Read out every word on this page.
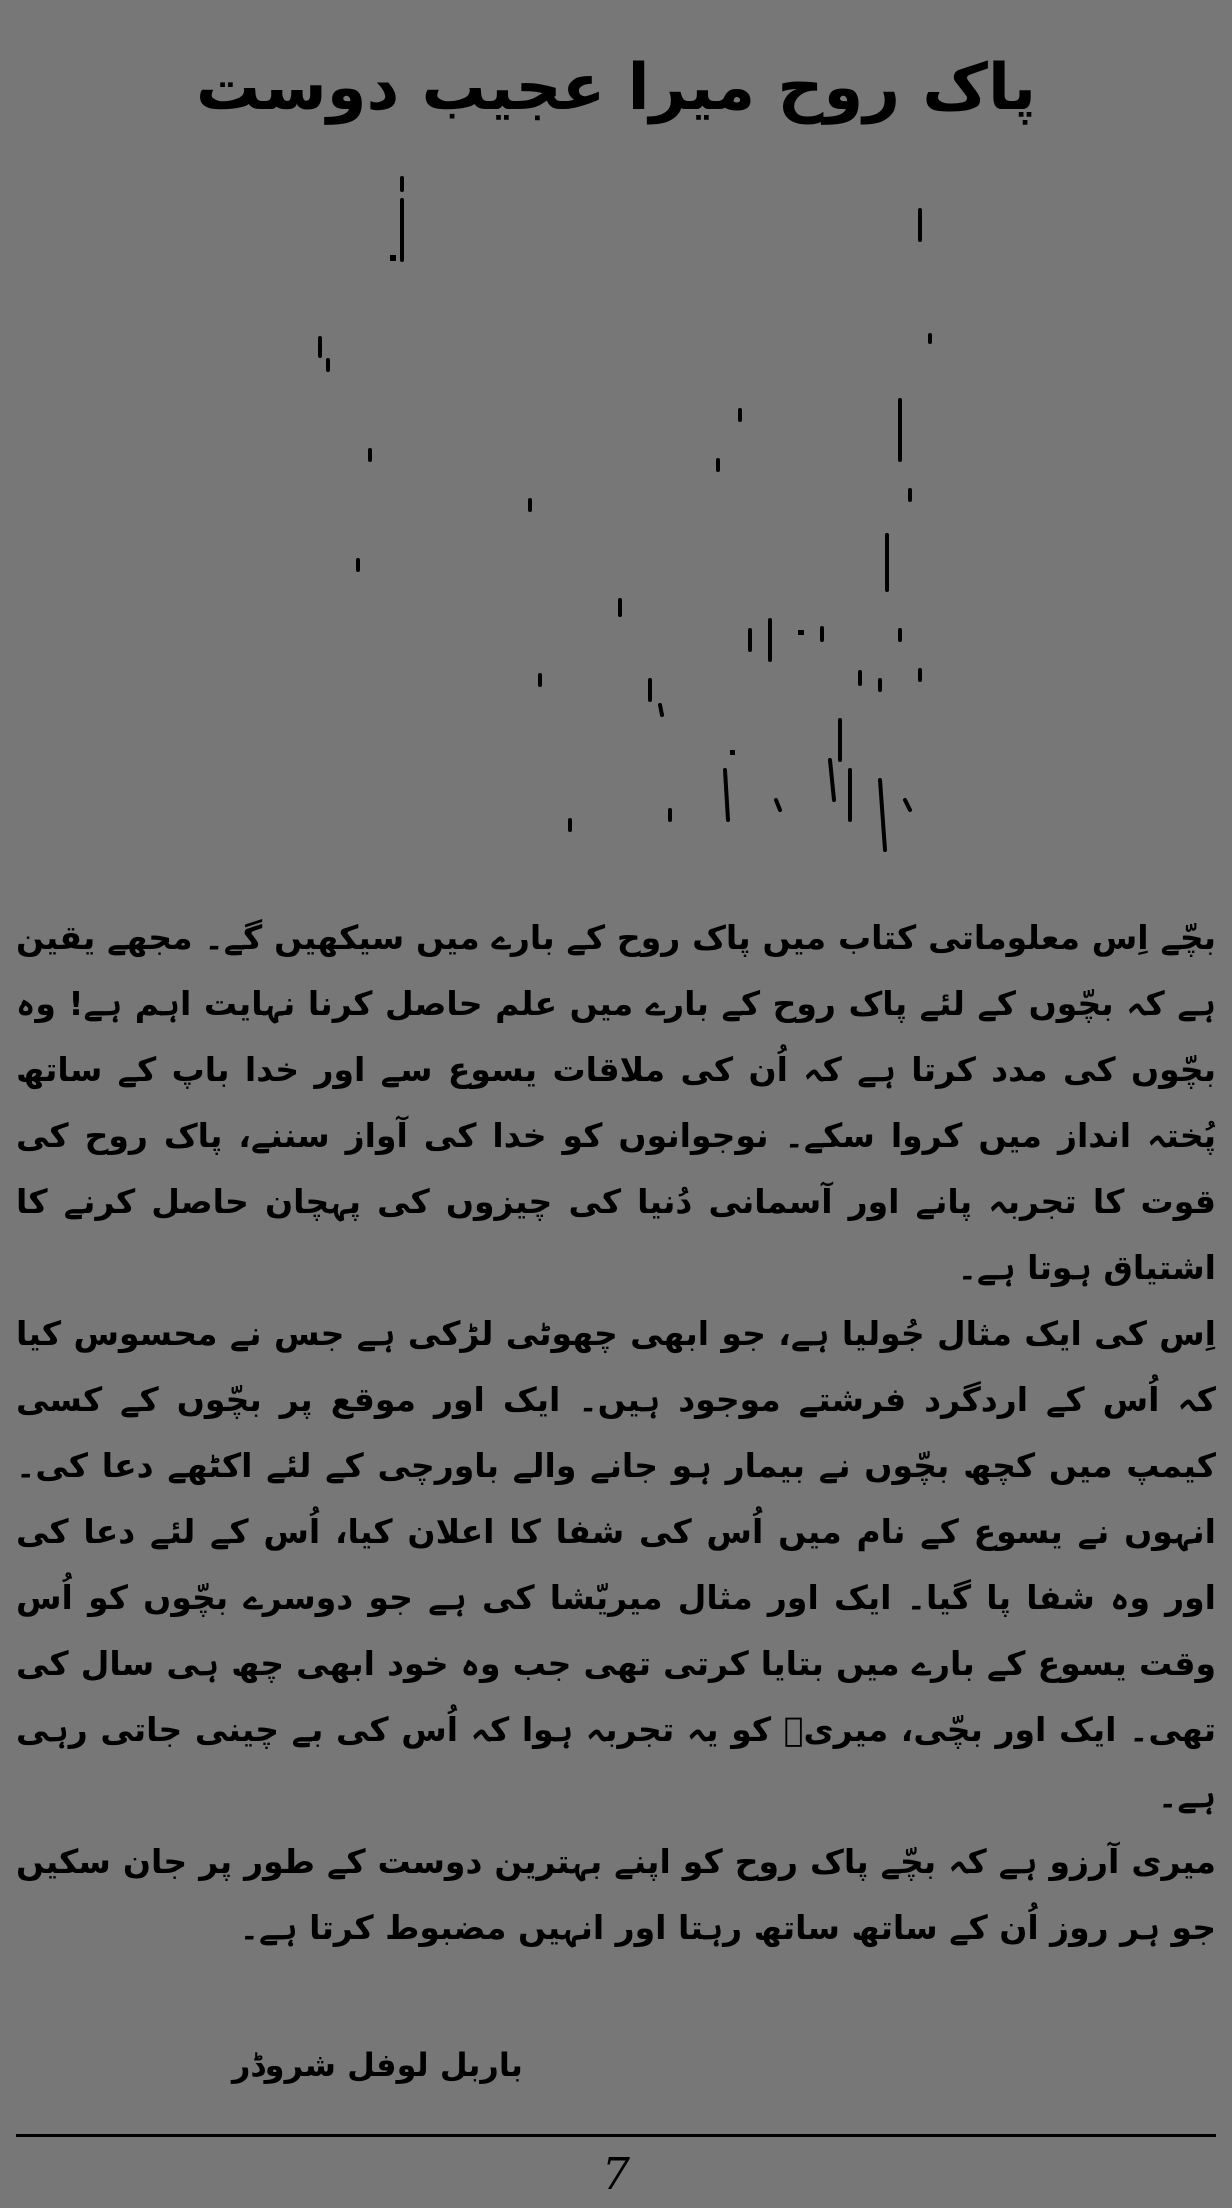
پاک روح میرا عجیب دوست

بچّے اِس معلوماتی کتاب میں پاک روح کے بارے میں سیکھیں گے۔ مجھے یقین ہے کہ بچّوں کے لئے پاک روح کے بارے میں علم حاصل کرنا نہایت اہم ہے! وہ بچّوں کی مدد کرتا ہے کہ اُن کی ملاقات یسوع سے اور خدا باپ کے ساتھ پُختہ انداز میں کروا سکے۔ نوجوانوں کو خدا کی آواز سننے، پاک روح کی قوت کا تجربہ پانے اور آسمانی دُنیا کی چیزوں کی پہچان حاصل کرنے کا اشتیاق ہوتا ہے۔

اِس کی ایک مثال جُولیا ہے، جو ابھی چھوٹی لڑکی ہے جس نے محسوس کیا کہ اُس کے اردگرد فرشتے موجود ہیں۔ ایک اور موقع پر بچّوں کے کسی کیمپ میں کچھ بچّوں نے بیمار ہو جانے والے باورچی کے لئے اکٹھے دعا کی۔ انہوں نے یسوع کے نام میں اُس کی شفا کا اعلان کیا، اُس کے لئے دعا کی اور وہ شفا پا گیا۔ ایک اور مثال میریّشا کی ہے جو دوسرے بچّوں کو اُس وقت یسوع کے بارے میں بتایا کرتی تھی جب وہ خود ابھی چھ ہی سال کی تھی۔ ایک اور بچّی، میریؔ کو یہ تجربہ ہوا کہ اُس کی بے چینی جاتی رہی ہے۔

میری آرزو ہے کہ بچّے پاک روح کو اپنے بہترین دوست کے طور پر جان سکیں جو ہر روز اُن کے ساتھ ساتھ رہتا اور انہیں مضبوط کرتا ہے۔

باربل لوفل شروڈر
7
